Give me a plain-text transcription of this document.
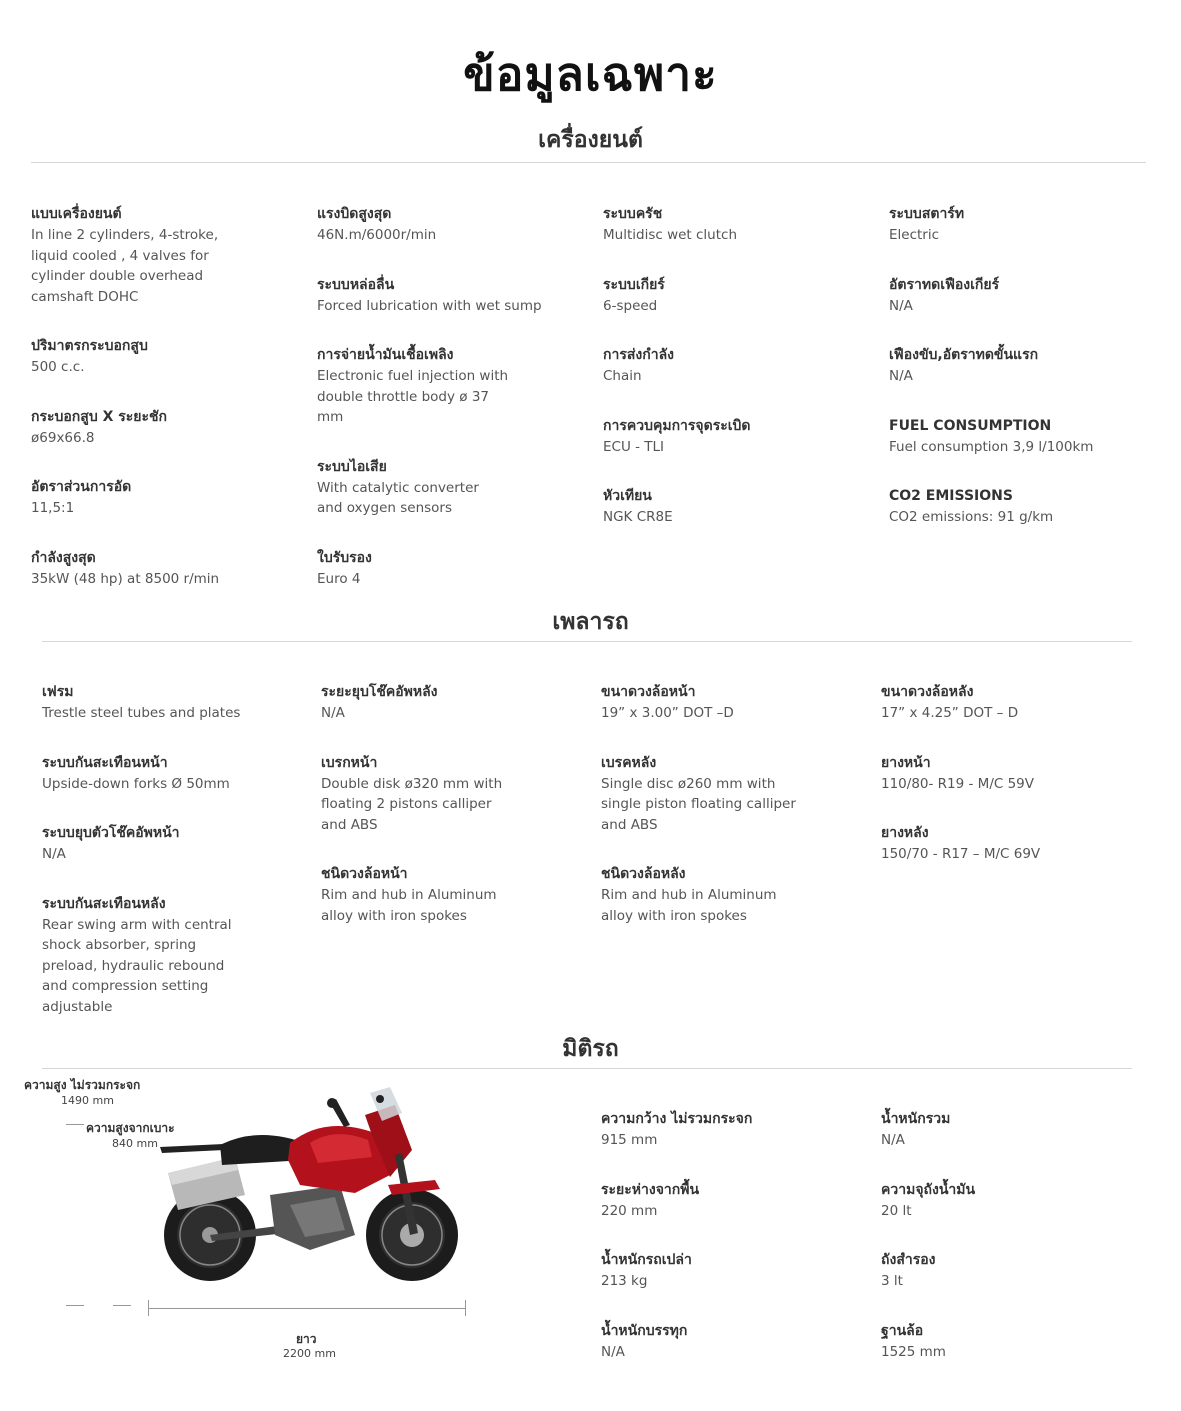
ข้อมูลเฉพาะ
เครื่องยนต์
แบบเครื่องยนต์
In line 2 cylinders, 4-stroke, liquid cooled , 4 valves for cylinder double overhead camshaft DOHC
ปริมาตรกระบอกสูบ
500 c.c.
กระบอกสูบ X ระยะชัก
ø69x66.8
อัตราส่วนการอัด
11,5:1
กำลังสูงสุด
35kW (48 hp) at 8500 r/min
แรงบิดสูงสุด
46N.m/6000r/min
ระบบหล่อลื่น
Forced lubrication with wet sump
การจ่ายน้ำมันเชื้อเพลิง
Electronic fuel injection with double throttle body ø 37 mm
ระบบไอเสีย
With catalytic converter and oxygen sensors
ใบรับรอง
Euro 4
ระบบครัช
Multidisc wet clutch
ระบบเกียร์
6-speed
การส่งกำลัง
Chain
การควบคุมการจุดระเบิด
ECU - TLI
หัวเทียน
NGK CR8E
ระบบสตาร์ท
Electric
อัตราทดเฟืองเกียร์
N/A
เฟืองขับ,อัตราทดขั้นแรก
N/A
FUEL CONSUMPTION
Fuel consumption 3,9 l/100km
CO2 EMISSIONS
CO2 emissions: 91 g/km
เพลารถ
เฟรม
Trestle steel tubes and plates
ระบบกันสะเทือนหน้า
Upside-down forks Ø 50mm
ระบบยุบตัวโช๊คอัพหน้า
N/A
ระบบกันสะเทือนหลัง
Rear swing arm with central shock absorber, spring preload, hydraulic rebound and compression setting adjustable
ระยะยุบโช๊คอัพหลัง
N/A
เบรกหน้า
Double disk ø320 mm with floating 2 pistons calliper and ABS
ชนิดวงล้อหน้า
Rim and hub in Aluminum alloy with iron spokes
ขนาดวงล้อหน้า
19” x 3.00” DOT –D
เบรคหลัง
Single disc ø260 mm with single piston floating calliper and ABS
ชนิดวงล้อหลัง
Rim and hub in Aluminum alloy with iron spokes
ขนาดวงล้อหลัง
17” x 4.25” DOT – D
ยางหน้า
110/80- R19 - M/C 59V
ยางหลัง
150/70 - R17 – M/C 69V
มิติรถ
ความสูง ไม่รวมกระจก
1490 mm
ความสูงจากเบาะ
840 mm
ยาว
2200 mm
ความกว้าง ไม่รวมกระจก
915 mm
ระยะห่างจากพื้น
220 mm
น้ำหนักรถเปล่า
213 kg
น้ำหนักบรรทุก
N/A
น้ำหนักรวม
N/A
ความจุถังน้ำมัน
20 lt
ถังสำรอง
3 lt
ฐานล้อ
1525 mm
